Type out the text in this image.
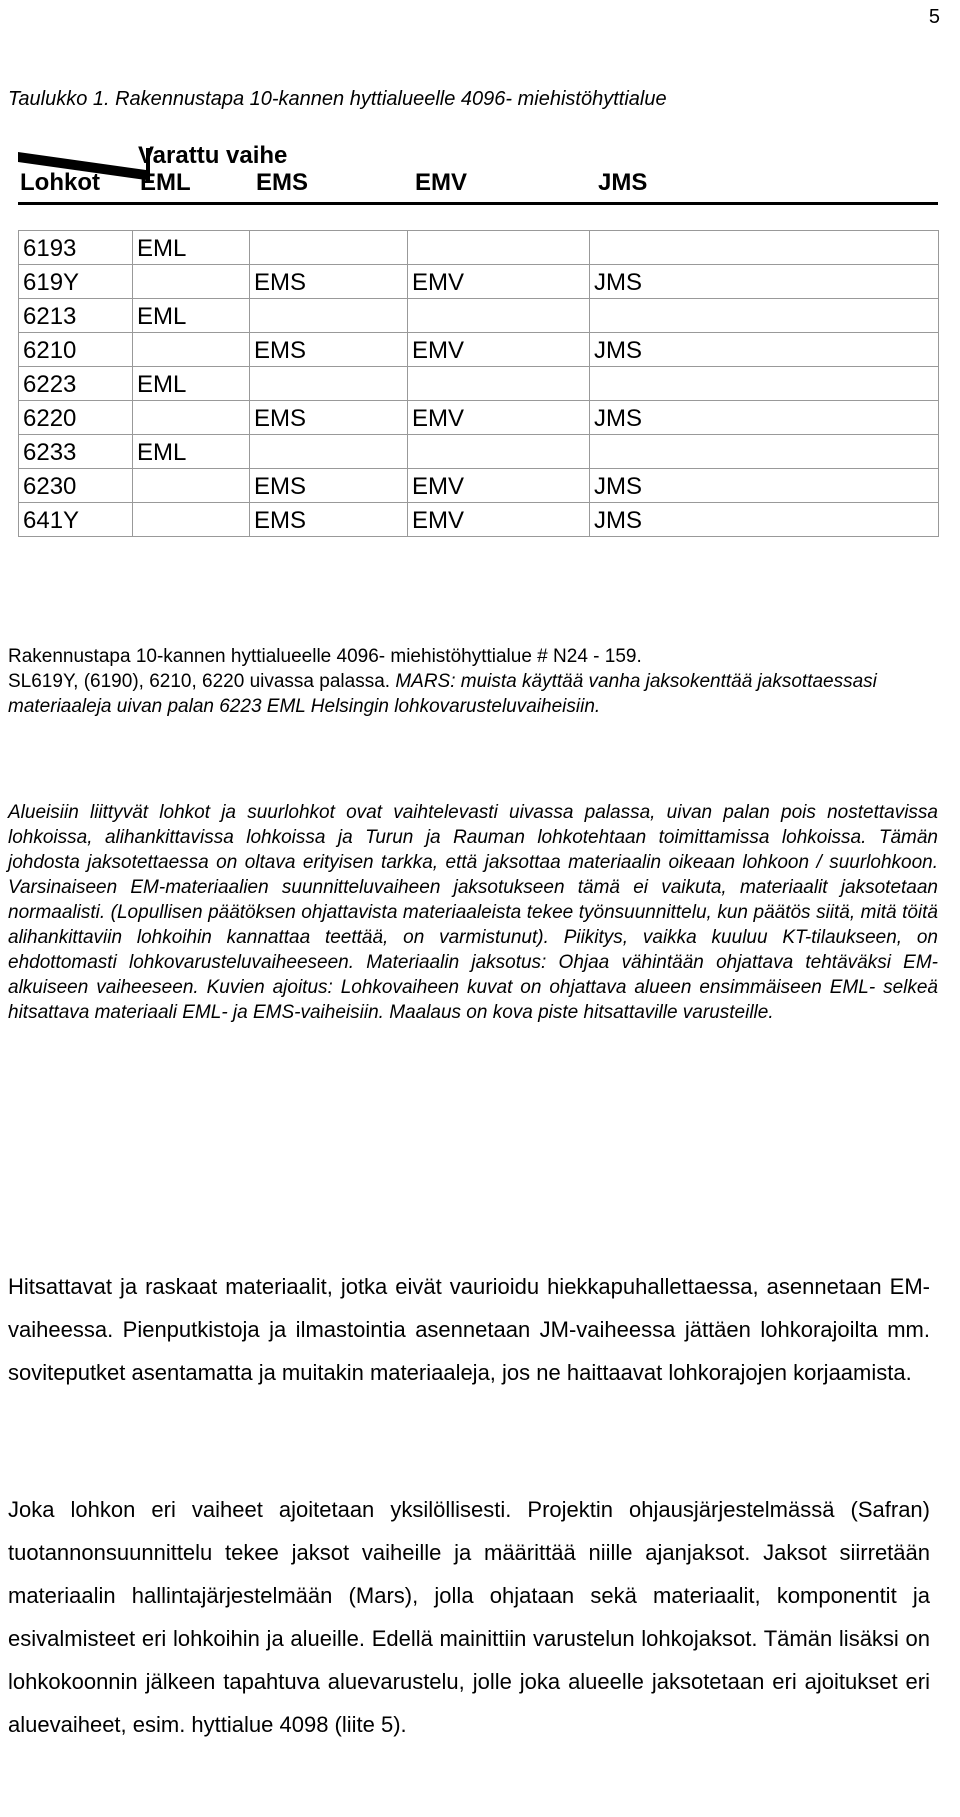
5
Taulukko 1. Rakennustapa 10-kannen hyttialueelle 4096- miehistöhyttialue
Varattu vaihe
Lohkot EML	EMS	EMV	JMS
6193	EML			
619Y		EMS	EMV	JMS
6213	EML			
6210		EMS	EMV	JMS
6223	EML			
6220		EMS	EMV	JMS
6233	EML			
6230		EMS	EMV	JMS
641Y		EMS	EMV	JMS
Rakennustapa 10-kannen hyttialueelle 4096- miehistöhyttialue # N24 - 159.
SL619Y, (6190), 6210, 6220 uivassa palassa. MARS: muista käyttää vanha jaksokenttää jaksottaessasi materiaaleja uivan palan 6223 EML Helsingin lohkovarusteluvaiheisiin.
Alueisiin liittyvät lohkot ja suurlohkot ovat vaihtelevasti uivassa palassa, uivan palan pois nostettavissa lohkoissa, alihankittavissa lohkoissa ja Turun ja Rauman lohkotehtaan toimittamissa lohkoissa. Tämän johdosta jaksotettaessa on oltava erityisen tarkka, että jaksottaa materiaalin oikeaan lohkoon / suurlohkoon. Varsinaiseen EM-materiaalien suunnitteluvaiheen jaksotukseen tämä ei vaikuta, materiaalit jaksotetaan normaalisti. (Lopullisen päätöksen ohjattavista materiaaleista tekee työnsuunnittelu, kun päätös siitä, mitä töitä alihankittaviin lohkoihin kannattaa teettää, on varmistunut). Piikitys, vaikka kuuluu KT-tilaukseen, on ehdottomasti lohkovarusteluvaiheeseen. Materiaalin jaksotus: Ohjaa vähintään ohjattava tehtäväksi EM-alkuiseen vaiheeseen. Kuvien ajoitus: Lohkovaiheen kuvat on ohjattava alueen ensimmäiseen EML- selkeä hitsattava materiaali EML- ja EMS-vaiheisiin. Maalaus on kova piste hitsattaville varusteille.
Hitsattavat ja raskaat materiaalit, jotka eivät vaurioidu hiekkapuhallettaessa, asennetaan EM- vaiheessa. Pienputkistoja ja ilmastointia asennetaan JM-vaiheessa jättäen lohkorajoilta mm. soviteputket asentamatta ja muitakin materiaaleja, jos ne haittaavat lohkorajojen korjaamista.
Joka lohkon eri vaiheet ajoitetaan yksilöllisesti. Projektin ohjausjärjestelmässä (Safran) tuotannonsuunnittelu tekee jaksot vaiheille ja määrittää niille ajanjaksot. Jaksot siirretään materiaalin hallintajärjestelmään (Mars), jolla ohjataan sekä materiaalit, komponentit ja esivalmisteet eri lohkoihin ja alueille. Edellä mainittiin varustelun lohkojaksot. Tämän lisäksi on lohkokoonnin jälkeen tapahtuva aluevarustelu, jolle joka alueelle jaksotetaan eri ajoitukset eri aluevaiheet, esim. hyttialue 4098 (liite 5).
